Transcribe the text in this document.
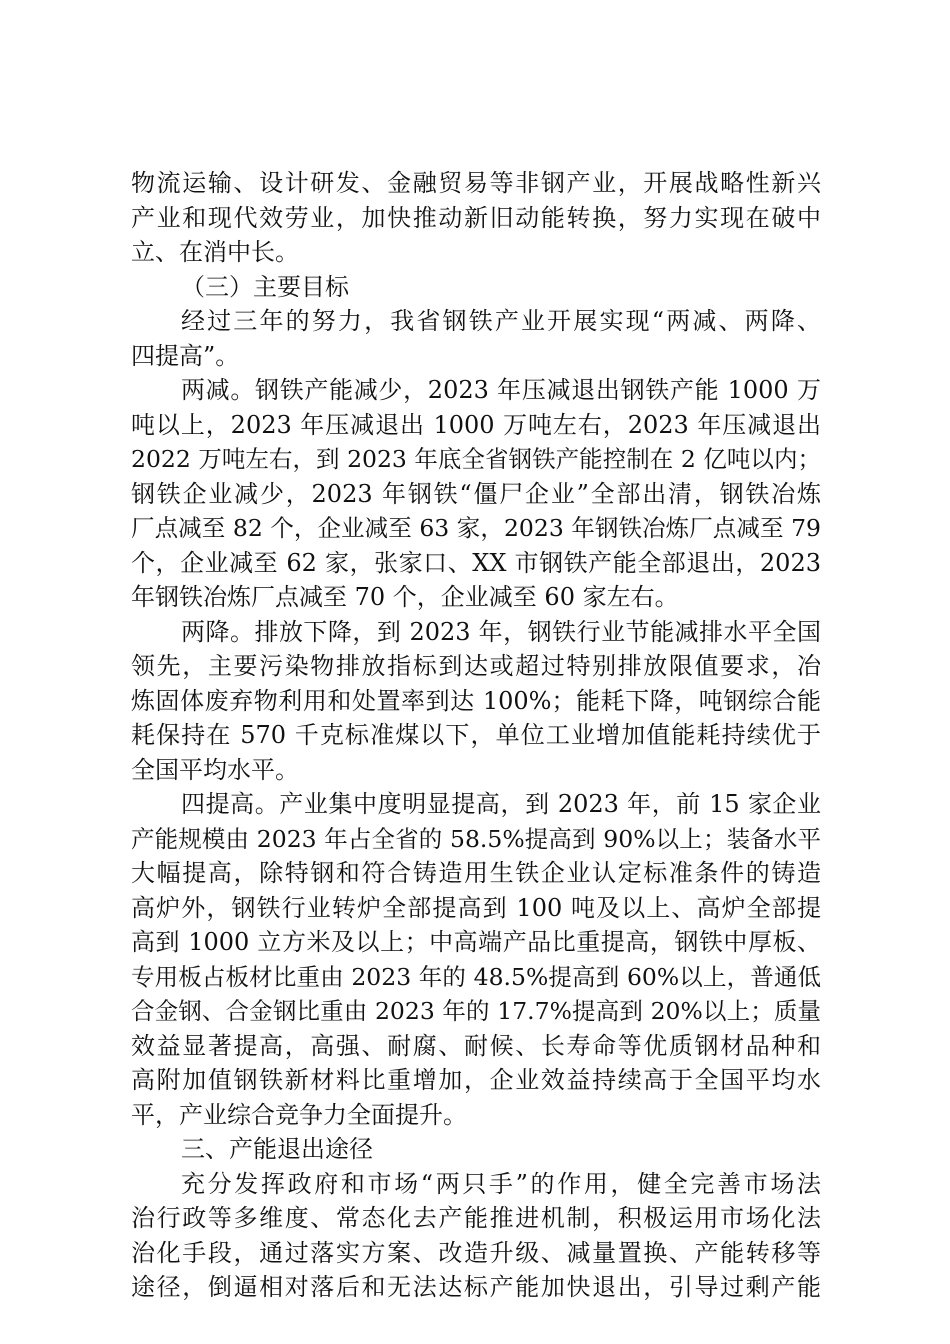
物流运输、设计研发、金融贸易等非钢产业，开展战略性新兴
产业和现代效劳业，加快推动新旧动能转换，努力实现在破中
立、在消中长。
（三）主要目标
经过三年的努力，我省钢铁产业开展实现“两减、两降、
四提高”。
两减。钢铁产能减少，2023 年压减退出钢铁产能 1000 万
吨以上，2023 年压减退出 1000 万吨左右，2023 年压减退出
2022 万吨左右，到 2023 年底全省钢铁产能控制在 2 亿吨以内；
钢铁企业减少，2023 年钢铁“僵尸企业”全部出清，钢铁冶炼
厂点减至 82 个，企业减至 63 家，2023 年钢铁冶炼厂点减至 79
个，企业减至 62 家，张家口、XX 市钢铁产能全部退出，2023
年钢铁冶炼厂点减至 70 个，企业减至 60 家左右。
两降。排放下降，到 2023 年，钢铁行业节能减排水平全国
领先，主要污染物排放指标到达或超过特别排放限值要求，冶
炼固体废弃物利用和处置率到达 100%；能耗下降，吨钢综合能
耗保持在 570 千克标准煤以下，单位工业增加值能耗持续优于
全国平均水平。
四提高。产业集中度明显提高，到 2023 年，前 15 家企业
产能规模由 2023 年占全省的 58.5%提高到 90%以上；装备水平
大幅提高，除特钢和符合铸造用生铁企业认定标准条件的铸造
高炉外，钢铁行业转炉全部提高到 100 吨及以上、高炉全部提
高到 1000 立方米及以上；中高端产品比重提高，钢铁中厚板、
专用板占板材比重由 2023 年的 48.5%提高到 60%以上，普通低
合金钢、合金钢比重由 2023 年的 17.7%提高到 20%以上；质量
效益显著提高，高强、耐腐、耐候、长寿命等优质钢材品种和
高附加值钢铁新材料比重增加，企业效益持续高于全国平均水
平，产业综合竞争力全面提升。
三、产能退出途径
充分发挥政府和市场“两只手”的作用，健全完善市场法
治行政等多维度、常态化去产能推进机制，积极运用市场化法
治化手段，通过落实方案、改造升级、减量置换、产能转移等
途径，倒逼相对落后和无法达标产能加快退出，引导过剩产能
